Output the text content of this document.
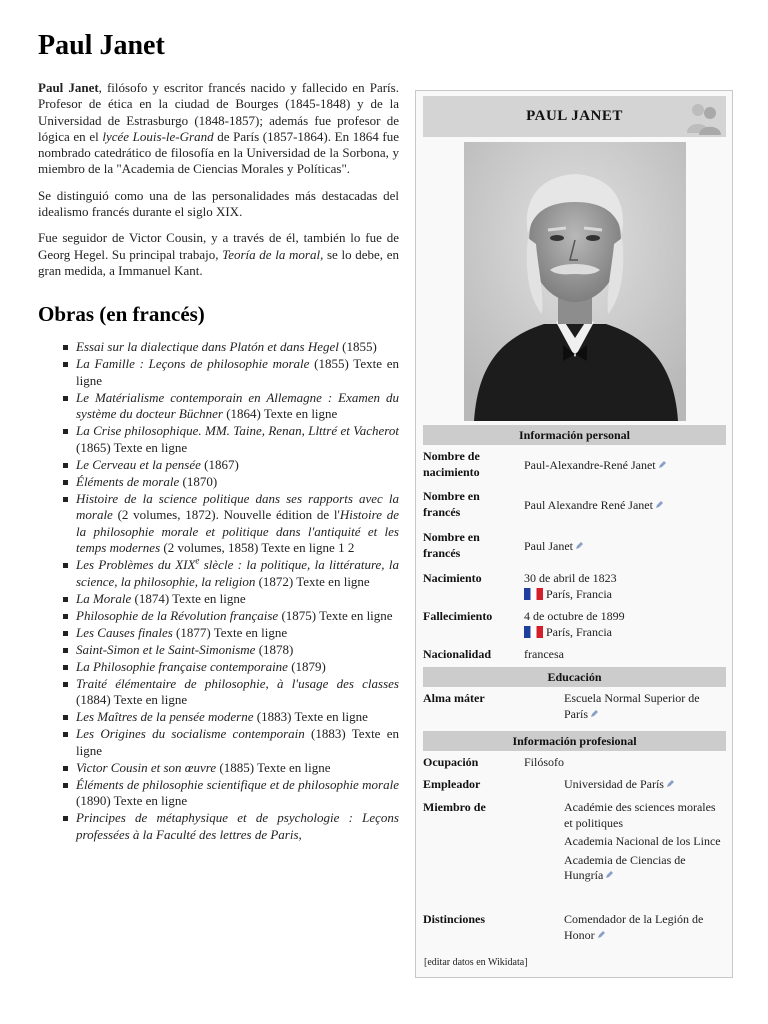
Paul Janet

Paul Janet, filósofo y escritor francés nacido y fallecido en París. Profesor de ética en la ciudad de Bourges (1845-1848) y de la Universidad de Estrasburgo (1848-1857); además fue profesor de lógica en el lycée Louis-le-Grand de París (1857-1864). En 1864 fue nombrado catedrático de filosofía en la Universidad de la Sorbona, y miembro de la "Academia de Ciencias Morales y Políticas".

Se distinguió como una de las personalidades más destacadas del idealismo francés durante el siglo XIX.

Fue seguidor de Victor Cousin, y a través de él, también lo fue de Georg Hegel. Su principal trabajo, Teoría de la moral, se lo debe, en gran medida, a Immanuel Kant.

Obras (en francés)
Essai sur la dialectique dans Platón et dans Hegel (1855)
La Famille : Leçons de philosophie morale (1855) Texte en ligne
Le Matérialisme contemporain en Allemagne : Examen du système du docteur Büchner (1864) Texte en ligne
La Crise philosophique. MM. Taine, Renan, Llttré et Vacherot (1865) Texte en ligne
Le Cerveau et la pensée (1867)
Éléments de morale (1870)
Histoire de la science politique dans ses rapports avec la morale (2 volumes, 1872). Nouvelle édition de l'Histoire de la philosophie morale et politique dans l'antiquité et les temps modernes (2 volumes, 1858) Texte en ligne 1 2
Les Problèmes du XIXe slècle : la politique, la littérature, la science, la philosophie, la religion (1872) Texte en ligne
La Morale (1874) Texte en ligne
Philosophie de la Révolution française (1875) Texte en ligne
Les Causes finales (1877) Texte en ligne
Saint-Simon et le Saint-Simonisme (1878)
La Philosophie française contemporaine (1879)
Traité élémentaire de philosophie, à l'usage des classes (1884) Texte en ligne
Les Maîtres de la pensée moderne (1883) Texte en ligne
Les Origines du socialisme contemporain (1883) Texte en ligne
Victor Cousin et son œuvre (1885) Texte en ligne
Éléments de philosophie scientifique et de philosophie morale (1890) Texte en ligne
Principes de métaphysique et de psychologie : Leçons professées à la Faculté des lettres de Paris,
PAUL JANET
Información personal
Nombre de nacimiento	Paul-Alexandre-René Janet
Nombre en francés	Paul Alexandre René Janet
Nombre en francés	Paul Janet
Nacimiento	30 de abril de 1823
París, Francia
Fallecimiento	4 de octubre de 1899
París, Francia
Nacionalidad	francesa
Educación
Alma máter	Escuela Normal Superior de París
Información profesional
Ocupación	Filósofo
Empleador	Universidad de París
Miembro de	Académie des sciences morales et politiques
Academia Nacional de los Lince
Academia de Ciencias de Hungría
Distinciones	Comendador de la Legión de Honor
[editar datos en Wikidata]
